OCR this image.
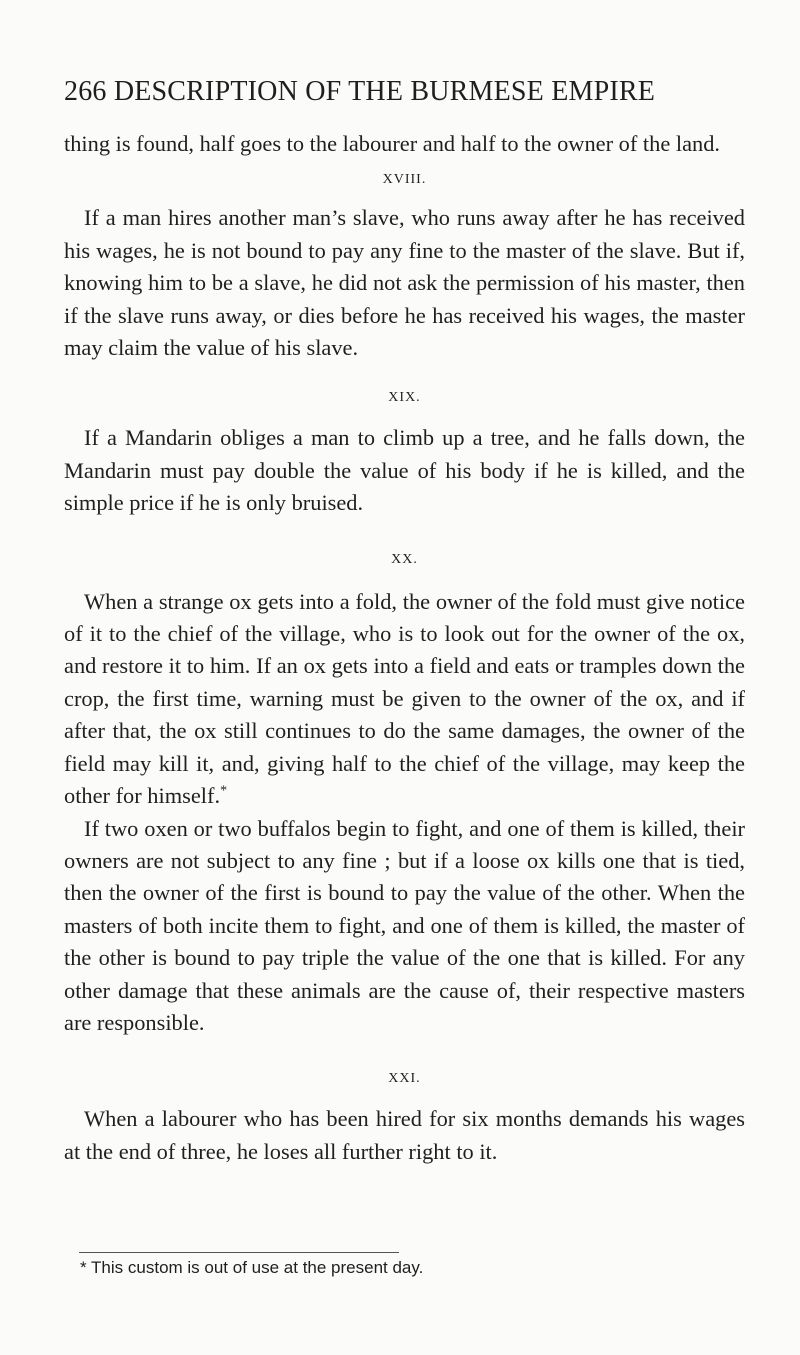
266 DESCRIPTION OF THE BURMESE EMPIRE

thing is found, half goes to the labourer and half to the owner of the land.

XVIII.

If a man hires another man’s slave, who runs away after he has received his wages, he is not bound to pay any fine to the master of the slave. But if, knowing him to be a slave, he did not ask the permission of his master, then if the slave runs away, or dies before he has received his wages, the master may claim the value of his slave.

XIX.

If a Mandarin obliges a man to climb up a tree, and he falls down, the Mandarin must pay double the value of his body if he is killed, and the simple price if he is only bruised.

XX.

When a strange ox gets into a fold, the owner of the fold must give notice of it to the chief of the village, who is to look out for the owner of the ox, and restore it to him. If an ox gets into a field and eats or tramples down the crop, the first time, warning must be given to the owner of the ox, and if after that, the ox still continues to do the same damages, the owner of the field may kill it, and, giving half to the chief of the village, may keep the other for himself.*

If two oxen or two buffalos begin to fight, and one of them is killed, their owners are not subject to any fine ; but if a loose ox kills one that is tied, then the owner of the first is bound to pay the value of the other. When the masters of both incite them to fight, and one of them is killed, the master of the other is bound to pay triple the value of the one that is killed. For any other damage that these animals are the cause of, their respective masters are responsible.

XXI.

When a labourer who has been hired for six months demands his wages at the end of three, he loses all further right to it.

* This custom is out of use at the present day.
